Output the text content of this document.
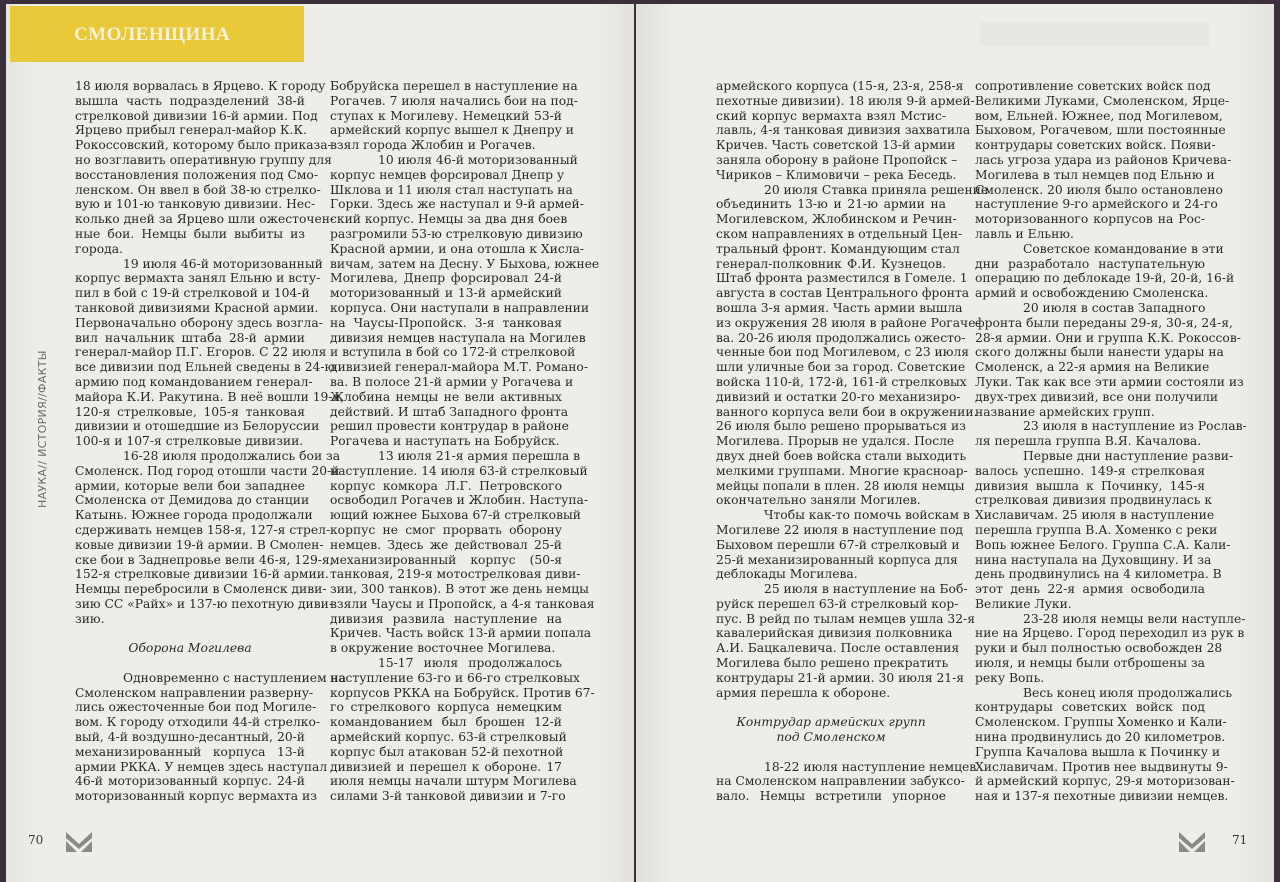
СМОЛЕНЩИНА
НАУКА// ИСТОРИЯ//ФАКТЫ
18 июля ворвалась в Ярцево. К городу
вышла часть подразделений 38-й
стрелковой дивизии 16-й армии. Под
Ярцево прибыл генерал-майор К.К.
Рокоссовский, которому было приказа-
но возглавить оперативную группу для
восстановления положения под Смо-
ленском. Он ввел в бой 38-ю стрелко-
вую и 101-ю танковую дивизии. Нес-
колько дней за Ярцево шли ожесточен-
ные бои. Немцы были выбиты из
города.
19 июля 46-й моторизованный
корпус вермахта занял Ельню и всту-
пил в бой с 19-й стрелковой и 104-й
танковой дивизиями Красной армии.
Первоначально оборону здесь возгла-
вил начальник штаба 28-й армии
генерал-майор П.Г. Егоров. С 22 июля
все дивизии под Ельней сведены в 24-ю
армию под командованием генерал-
майора К.И. Ракутина. В неё вошли 19-я,
120-я стрелковые, 105-я танковая
дивизии и отошедшие из Белоруссии
100-я и 107-я стрелковые дивизии.
16-28 июля продолжались бои за
Смоленск. Под город отошли части 20-й
армии, которые вели бои западнее
Смоленска от Демидова до станции
Катынь. Южнее города продолжали
сдерживать немцев 158-я, 127-я стрел-
ковые дивизии 19-й армии. В Смолен-
ске бои в Заднепровье вели 46-я, 129-я,
152-я стрелковые дивизии 16-й армии.
Немцы перебросили в Смоленск диви-
зию СС «Райх» и 137-ю пехотную диви-
зию.
Оборона Могилева
Одновременно с наступлением на
Смоленском направлении разверну-
лись ожесточенные бои под Могиле-
вом. К городу отходили 44-й стрелко-
вый, 4-й воздушно-десантный, 20-й
механизированный корпуса 13-й
армии РККА. У немцев здесь наступал
46-й моторизованный корпус. 24-й
моторизованный корпус вермахта из
Бобруйска перешел в наступление на
Рогачев. 7 июля начались бои на под-
ступах к Могилеву. Немецкий 53-й
армейский корпус вышел к Днепру и
взял города Жлобин и Рогачев.
10 июля 46-й моторизованный
корпус немцев форсировал Днепр у
Шклова и 11 июля стал наступать на
Горки. Здесь же наступал и 9-й армей-
ский корпус. Немцы за два дня боев
разгромили 53-ю стрелковую дивизию
Красной армии, и она отошла к Хисла-
вичам, затем на Десну. У Быхова, южнее
Могилева, Днепр форсировал 24-й
моторизованный и 13-й армейский
корпуса. Они наступали в направлении
на Чаусы-Пропойск. 3-я танковая
дивизия немцев наступала на Могилев
и вступила в бой со 172-й стрелковой
дивизией генерал-майора М.Т. Романо-
ва. В полосе 21-й армии у Рогачева и
Жлобина немцы не вели активных
действий. И штаб Западного фронта
решил провести контрудар в районе
Рогачева и наступать на Бобруйск.
13 июля 21-я армия перешла в
наступление. 14 июля 63-й стрелковый
корпус комкора Л.Г. Петровского
освободил Рогачев и Жлобин. Наступа-
ющий южнее Быхова 67-й стрелковый
корпус не смог прорвать оборону
немцев. Здесь же действовал 25-й
механизированный корпус (50-я
танковая, 219-я мотострелковая диви-
зии, 300 танков). В этот же день немцы
взяли Чаусы и Пропойск, а 4-я танковая
дивизия развила наступление на
Кричев. Часть войск 13-й армии попала
в окружение восточнее Могилева.
15-17 июля продолжалось
наступление 63-го и 66-го стрелковых
корпусов РККА на Бобруйск. Против 67-
го стрелкового корпуса немецким
командованием был брошен 12-й
армейский корпус. 63-й стрелковый
корпус был атакован 52-й пехотной
дивизией и перешел к обороне. 17
июля немцы начали штурм Могилева
силами 3-й танковой дивизии и 7-го
армейского корпуса (15-я, 23-я, 258-я
пехотные дивизии). 18 июля 9-й армей-
ский корпус вермахта взял Мстис-
лавль, 4-я танковая дивизия захватила
Кричев. Часть советской 13-й армии
заняла оборону в районе Пропойск –
Чириков – Климовичи – река Беседь.
20 июля Ставка приняла решение
объединить 13-ю и 21-ю армии на
Могилевском, Жлобинском и Речин-
ском направлениях в отдельный Цен-
тральный фронт. Командующим стал
генерал-полковник Ф.И. Кузнецов.
Штаб фронта разместился в Гомеле. 1
августа в состав Центрального фронта
вошла 3-я армия. Часть армии вышла
из окружения 28 июля в районе Рогаче-
ва. 20-26 июля продолжались ожесто-
ченные бои под Могилевом, с 23 июля
шли уличные бои за город. Советские
войска 110-й, 172-й, 161-й стрелковых
дивизий и остатки 20-го механизиро-
ванного корпуса вели бои в окружении.
26 июля было решено прорываться из
Могилева. Прорыв не удался. После
двух дней боев войска стали выходить
мелкими группами. Многие красноар-
мейцы попали в плен. 28 июля немцы
окончательно заняли Могилев.
Чтобы как-то помочь войскам в
Могилеве 22 июля в наступление под
Быховом перешли 67-й стрелковый и
25-й механизированный корпуса для
деблокады Могилева.
25 июля в наступление на Боб-
руйск перешел 63-й стрелковый кор-
пус. В рейд по тылам немцев ушла 32-я
кавалерийская дивизия полковника
А.И. Бацкалевича. После оставления
Могилева было решено прекратить
контрудары 21-й армии. 30 июля 21-я
армия перешла к обороне.
Контрудар армейских групп
под Смоленском
18-22 июля наступление немцев
на Смоленском направлении забуксо-
вало. Немцы встретили упорное
сопротивление советских войск под
Великими Луками, Смоленском, Ярце-
вом, Ельней. Южнее, под Могилевом,
Быховом, Рогачевом, шли постоянные
контрудары советских войск. Появи-
лась угроза удара из районов Кричева-
Могилева в тыл немцев под Ельню и
Смоленск. 20 июля было остановлено
наступление 9-го армейского и 24-го
моторизованного корпусов на Рос-
лавль и Ельню.
Советское командование в эти
дни разработало наступательную
операцию по деблокаде 19-й, 20-й, 16-й
армий и освобождению Смоленска.
20 июля в состав Западного
фронта были переданы 29-я, 30-я, 24-я,
28-я армии. Они и группа К.К. Рокоссов-
ского должны были нанести удары на
Смоленск, а 22-я армия на Великие
Луки. Так как все эти армии состояли из
двух-трех дивизий, все они получили
название армейских групп.
23 июля в наступление из Рослав-
ля перешла группа В.Я. Качалова.
Первые дни наступление разви-
валось успешно. 149-я стрелковая
дивизия вышла к Починку, 145-я
стрелковая дивизия продвинулась к
Хиславичам. 25 июля в наступление
перешла группа В.А. Хоменко с реки
Вопь южнее Белого. Группа С.А. Кали-
нина наступала на Духовщину. И за
день продвинулись на 4 километра. В
этот день 22-я армия освободила
Великие Луки.
23-28 июля немцы вели наступле-
ние на Ярцево. Город переходил из рук в
руки и был полностью освобожден 28
июля, и немцы были отброшены за
реку Вопь.
Весь конец июля продолжались
контрудары советских войск под
Смоленском. Группы Хоменко и Кали-
нина продвинулись до 20 километров.
Группа Качалова вышла к Починку и
Хиславичам. Против нее выдвинуты 9-
й армейский корпус, 29-я моторизован-
ная и 137-я пехотные дивизии немцев.
70	71
